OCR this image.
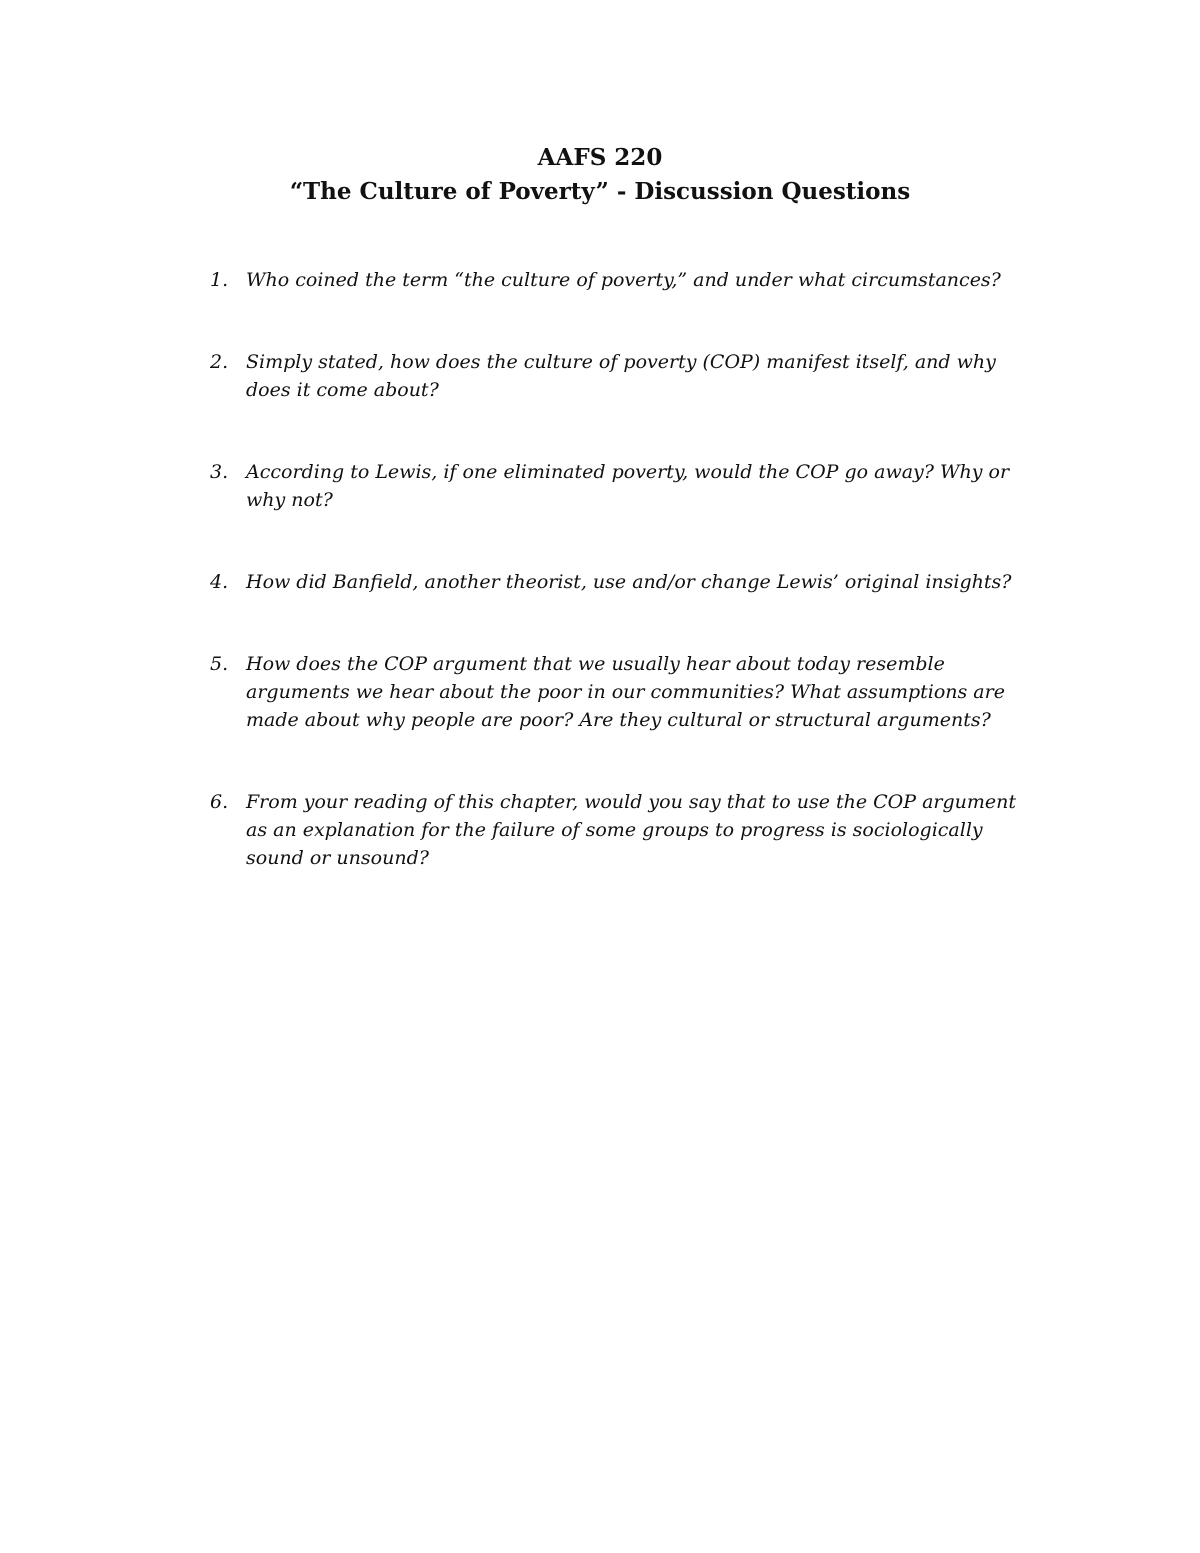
AAFS 220

“The Culture of Poverty” - Discussion Questions

1. Who coined the term “the culture of poverty,” and under what circumstances?
2. Simply stated, how does the culture of poverty (COP) manifest itself, and why does it come about?
3. According to Lewis, if one eliminated poverty, would the COP go away? Why or why not?
4. How did Banfield, another theorist, use and/or change Lewis’ original insights?
5. How does the COP argument that we usually hear about today resemble arguments we hear about the poor in our communities? What assumptions are made about why people are poor? Are they cultural or structural arguments?
6. From your reading of this chapter, would you say that to use the COP argument as an explanation for the failure of some groups to progress is sociologically sound or unsound?
